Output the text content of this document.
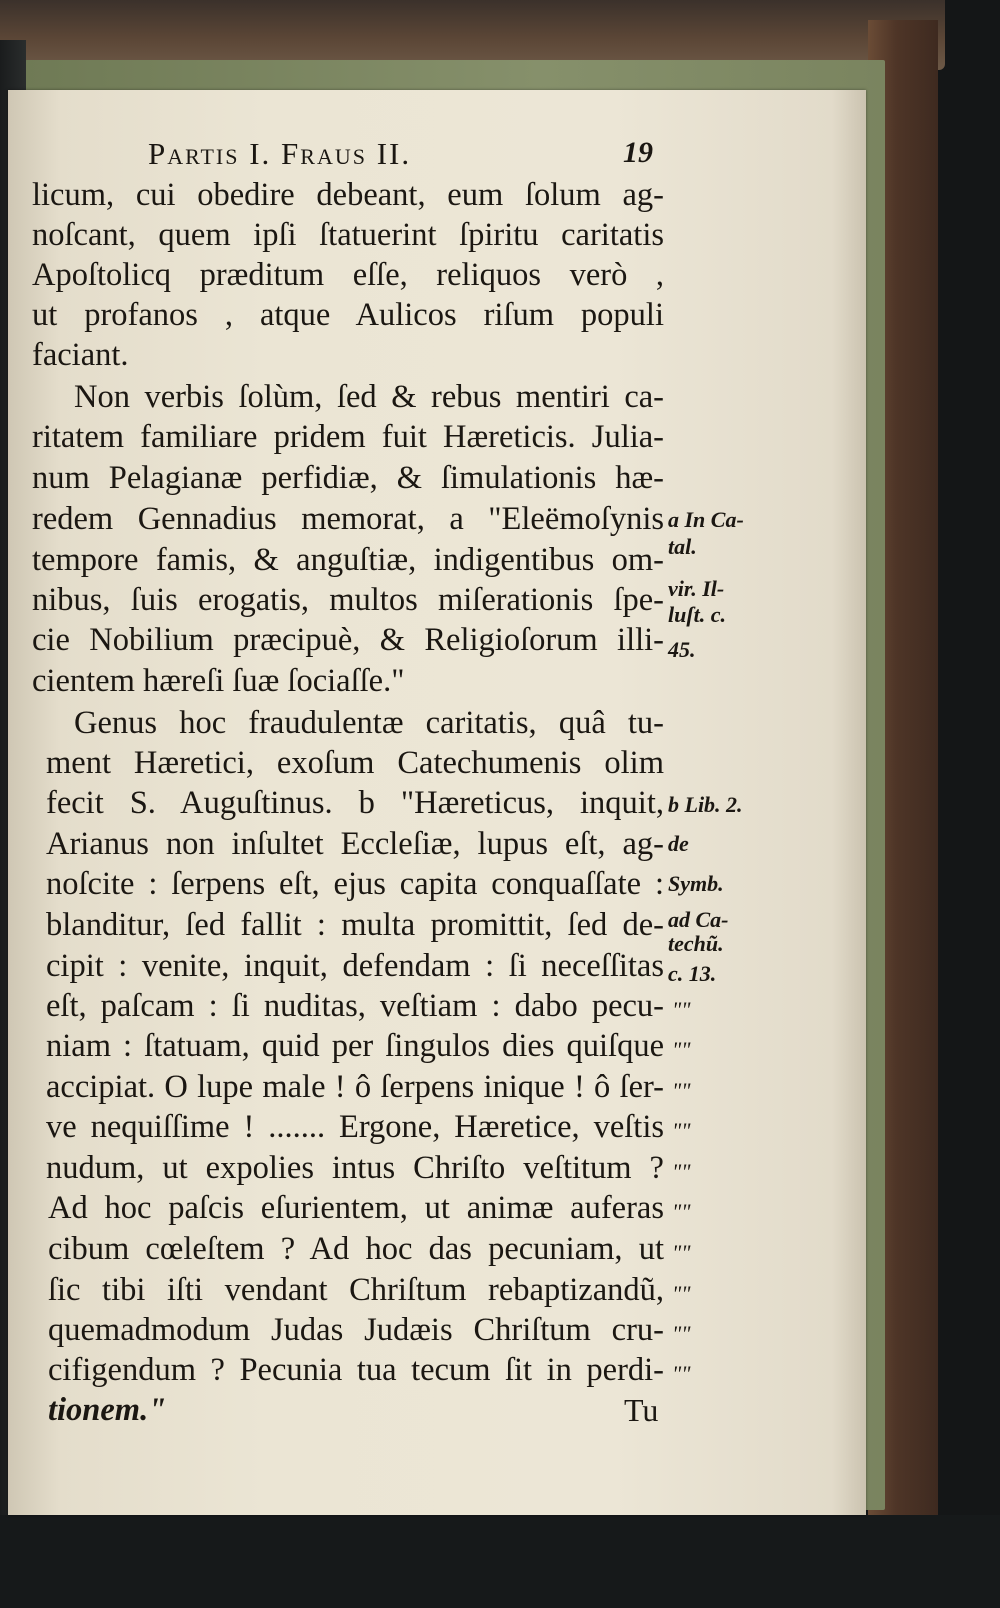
Partis I. Fraus II.	19
licum, cui obedire debeant, eum ſolum ag-
noſcant, quem ipſi ſtatuerint ſpiritu caritatis
Apoſtolicq præditum eſſe, reliquos verò ,
ut profanos , atque Aulicos riſum populi
faciant.
Non verbis ſolùm, ſed & rebus mentiri ca-
ritatem familiare pridem fuit Hæreticis. Julia-
num Pelagianæ perfidiæ, & ſimulationis hæ-
redem Gennadius memorat, a "Eleëmoſynis
tempore famis, & anguſtiæ, indigentibus om-
nibus, ſuis erogatis, multos miſerationis ſpe-
cie Nobilium præcipuè, & Religioſorum illi-
cientem hæreſi ſuæ ſociaſſe."
Genus hoc fraudulentæ caritatis, quâ tu-
ment Hæretici, exoſum Catechumenis olim
fecit S. Auguſtinus. b "Hæreticus, inquit,
Arianus non inſultet Eccleſiæ, lupus eſt, ag-
noſcite : ſerpens eſt, ejus capita conquaſſate :
blanditur, ſed fallit : multa promittit, ſed de-
cipit : venite, inquit, defendam : ſi neceſſitas
eſt, paſcam : ſi nuditas, veſtiam : dabo pecu-
niam : ſtatuam, quid per ſingulos dies quiſque
accipiat. O lupe male ! ô ſerpens inique ! ô ſer-
ve nequiſſime ! ....... Ergone, Hæretice, veſtis
nudum, ut expolies intus Chriſto veſtitum ?
Ad hoc paſcis eſurientem, ut animæ auferas
cibum cœleſtem ? Ad hoc das pecuniam, ut
ſic tibi iſti vendant Chriſtum rebaptizandũ,
quemadmodum Judas Judæis Chriſtum cru-
cifigendum ? Pecunia tua tecum ſit in perdi-
tionem."	Tu
a In Ca-
tal.
vir. Il-
luſt. c.
45.
b Lib. 2.
de
Symb.
ad Ca-
techũ.
c. 13.
""
""
""
""
""
""
""
""
""
""
